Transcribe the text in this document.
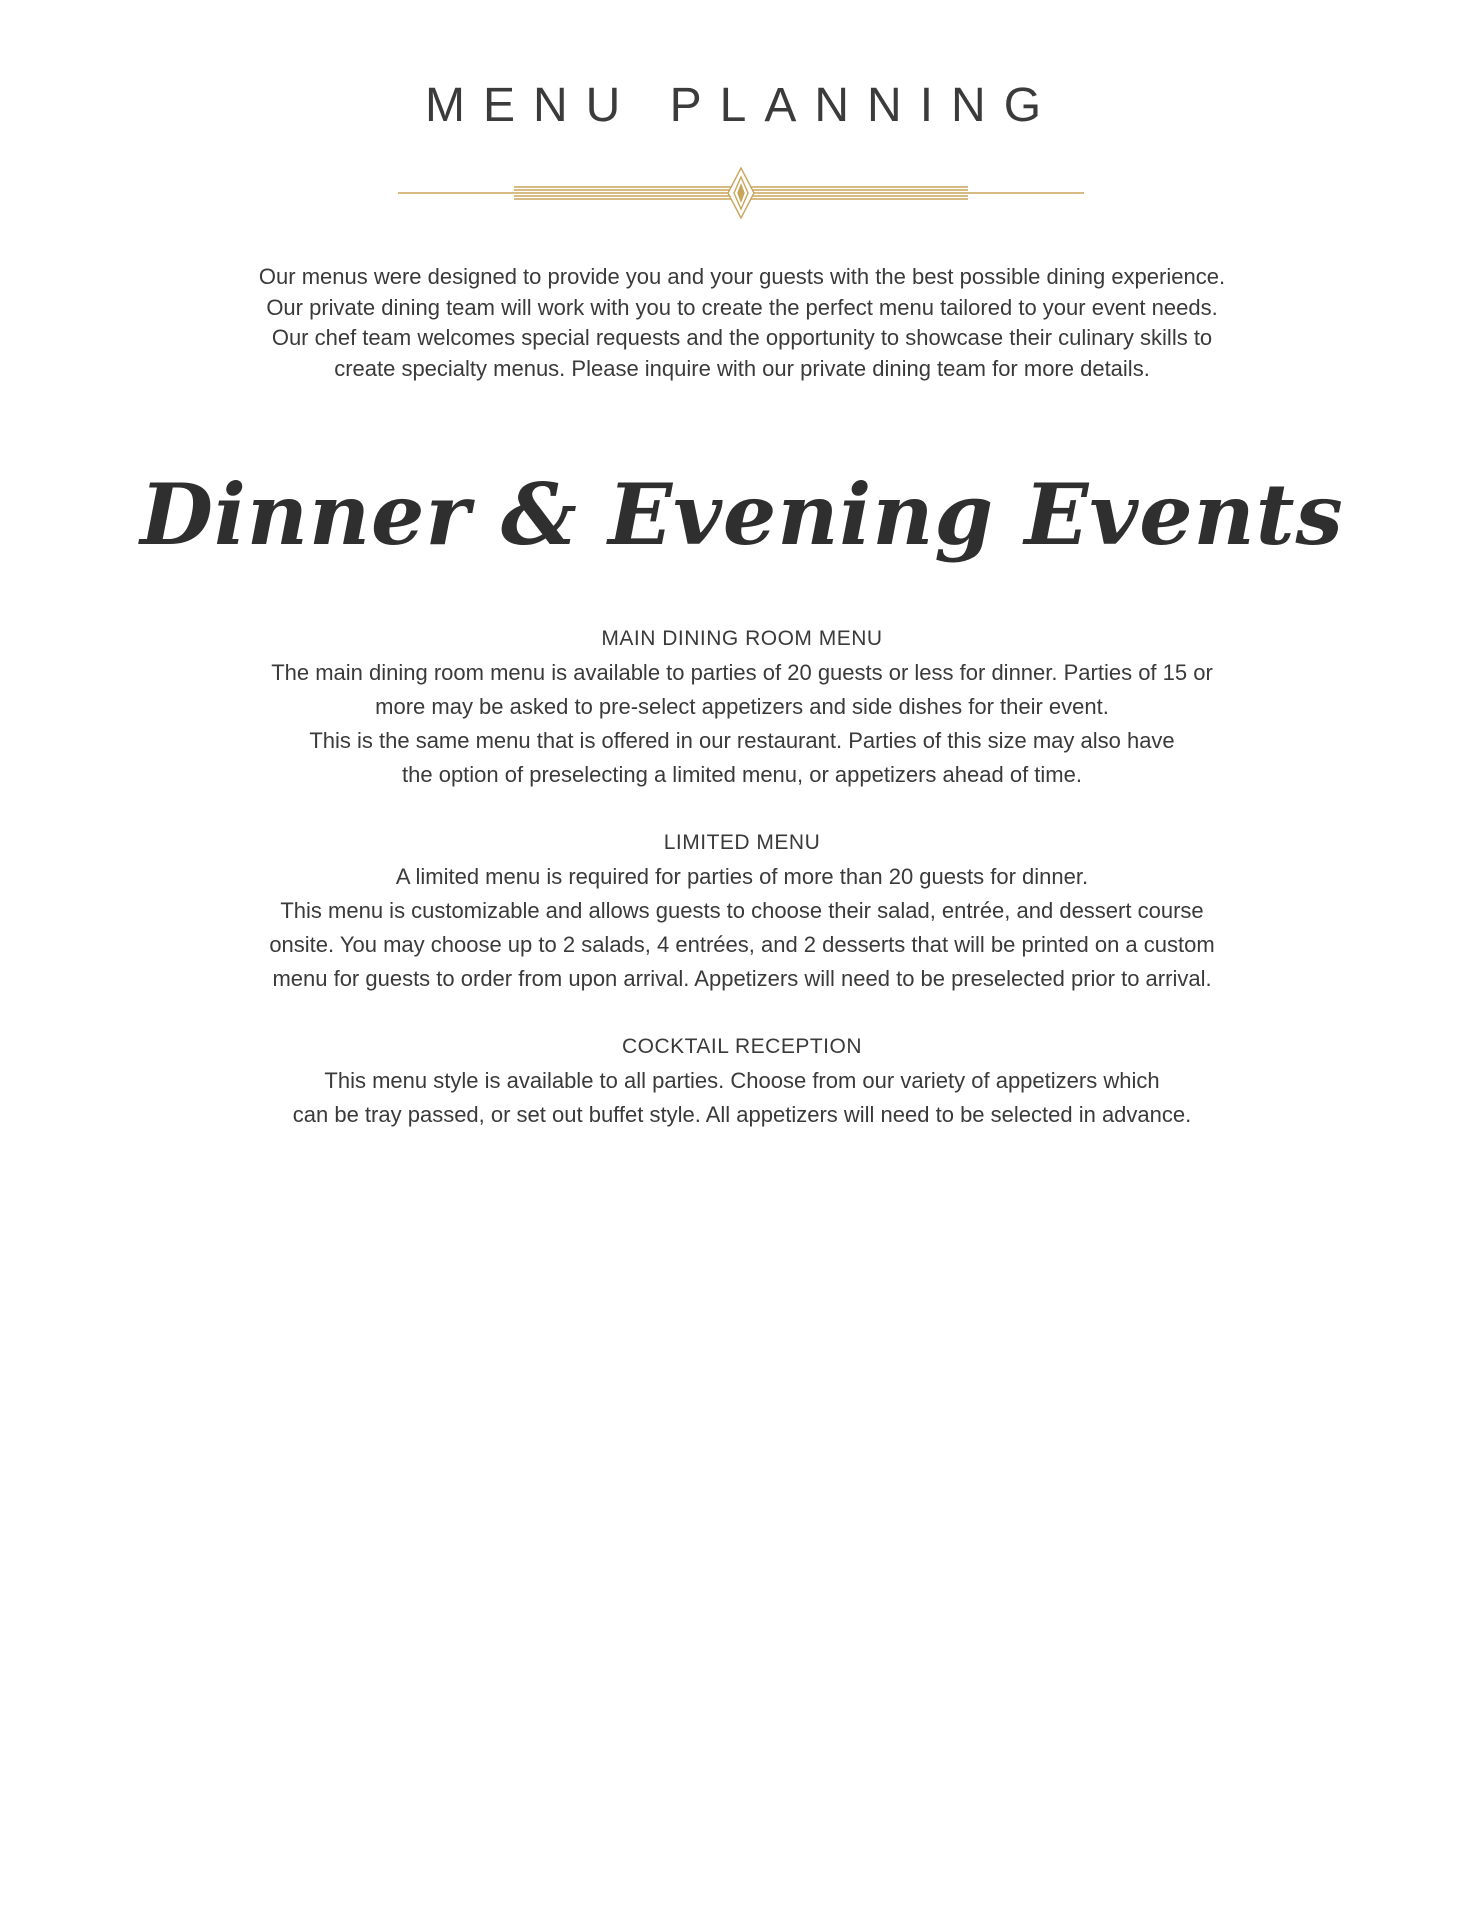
MENU PLANNING

Our menus were designed to provide you and your guests with the best possible dining experience.

Our private dining team will work with you to create the perfect menu tailored to your event needs.

Our chef team welcomes special requests and the opportunity to showcase their culinary skills to

create specialty menus. Please inquire with our private dining team for more details.

Dinner & Evening Events
MAIN DINING ROOM MENU

The main dining room menu is available to parties of 20 guests or less for dinner. Parties of 15 or

more may be asked to pre-select appetizers and side dishes for their event.

This is the same menu that is offered in our restaurant. Parties of this size may also have

the option of preselecting a limited menu, or appetizers ahead of time.

LIMITED MENU

A limited menu is required for parties of more than 20 guests for dinner.

This menu is customizable and allows guests to choose their salad, entrée, and dessert course

onsite. You may choose up to 2 salads, 4 entrées, and 2 desserts that will be printed on a custom

menu for guests to order from upon arrival. Appetizers will need to be preselected prior to arrival.

COCKTAIL RECEPTION

This menu style is available to all parties. Choose from our variety of appetizers which

can be tray passed, or set out buffet style. All appetizers will need to be selected in advance.
